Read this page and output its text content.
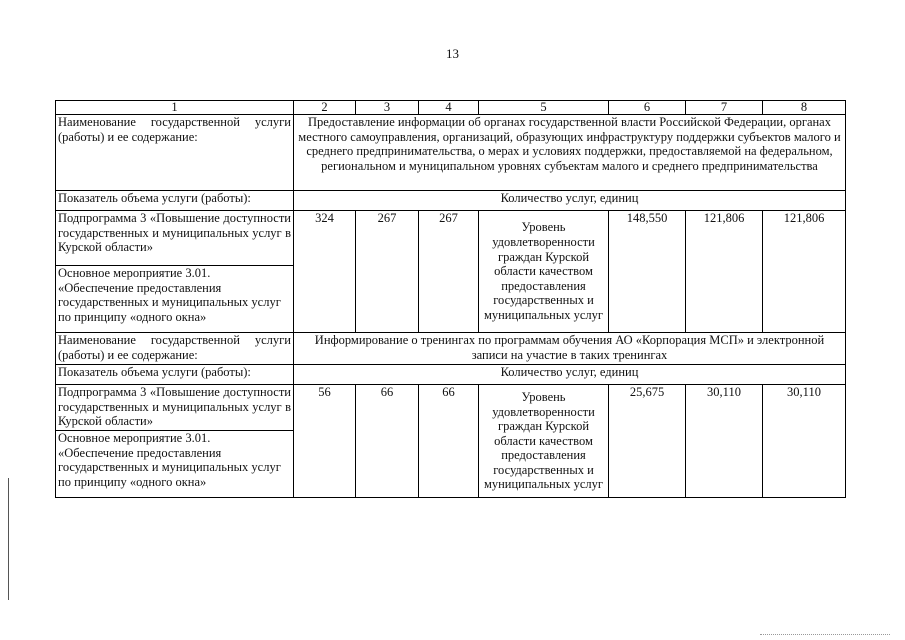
13
1	2	3	4	5	6	7	8
Наименование государственной услуги (работы) и ее содержание:	Предоставление информации об органах государственной власти Российской Федерации, органах местного самоуправления, организаций, образующих инфраструктуру поддержки субъектов малого и среднего предпринимательства, о мерах и условиях поддержки, предоставляемой на федеральном, региональном и муниципальном уровнях субъектам малого и среднего предпринимательства						
Показатель объема услуги (работы):	Количество услуг, единиц						
Подпрограмма 3 «Повышение доступности государственных и муниципальных услуг в Курской области»	324	267	267	Уровень удовлетворенности граждан Курской области качеством предоставления государственных и муниципальных услуг	148,550	121,806	121,806
Основное мероприятие 3.01.
«Обеспечение предоставления
государственных и муниципальных услуг
по принципу «одного окна»							
Наименование государственной услуги (работы) и ее содержание:	Информирование о тренингах по программам обучения АО «Корпорация МСП» и электронной записи на участие в таких тренингах						
Показатель объема услуги (работы):	Количество услуг, единиц						
Подпрограмма 3 «Повышение доступности государственных и муниципальных услуг в Курской области»	56	66	66	Уровень удовлетворенности граждан Курской области качеством предоставления государственных и муниципальных услуг	25,675	30,110	30,110
Основное мероприятие 3.01.
«Обеспечение предоставления
государственных и муниципальных услуг
по принципу «одного окна»							
